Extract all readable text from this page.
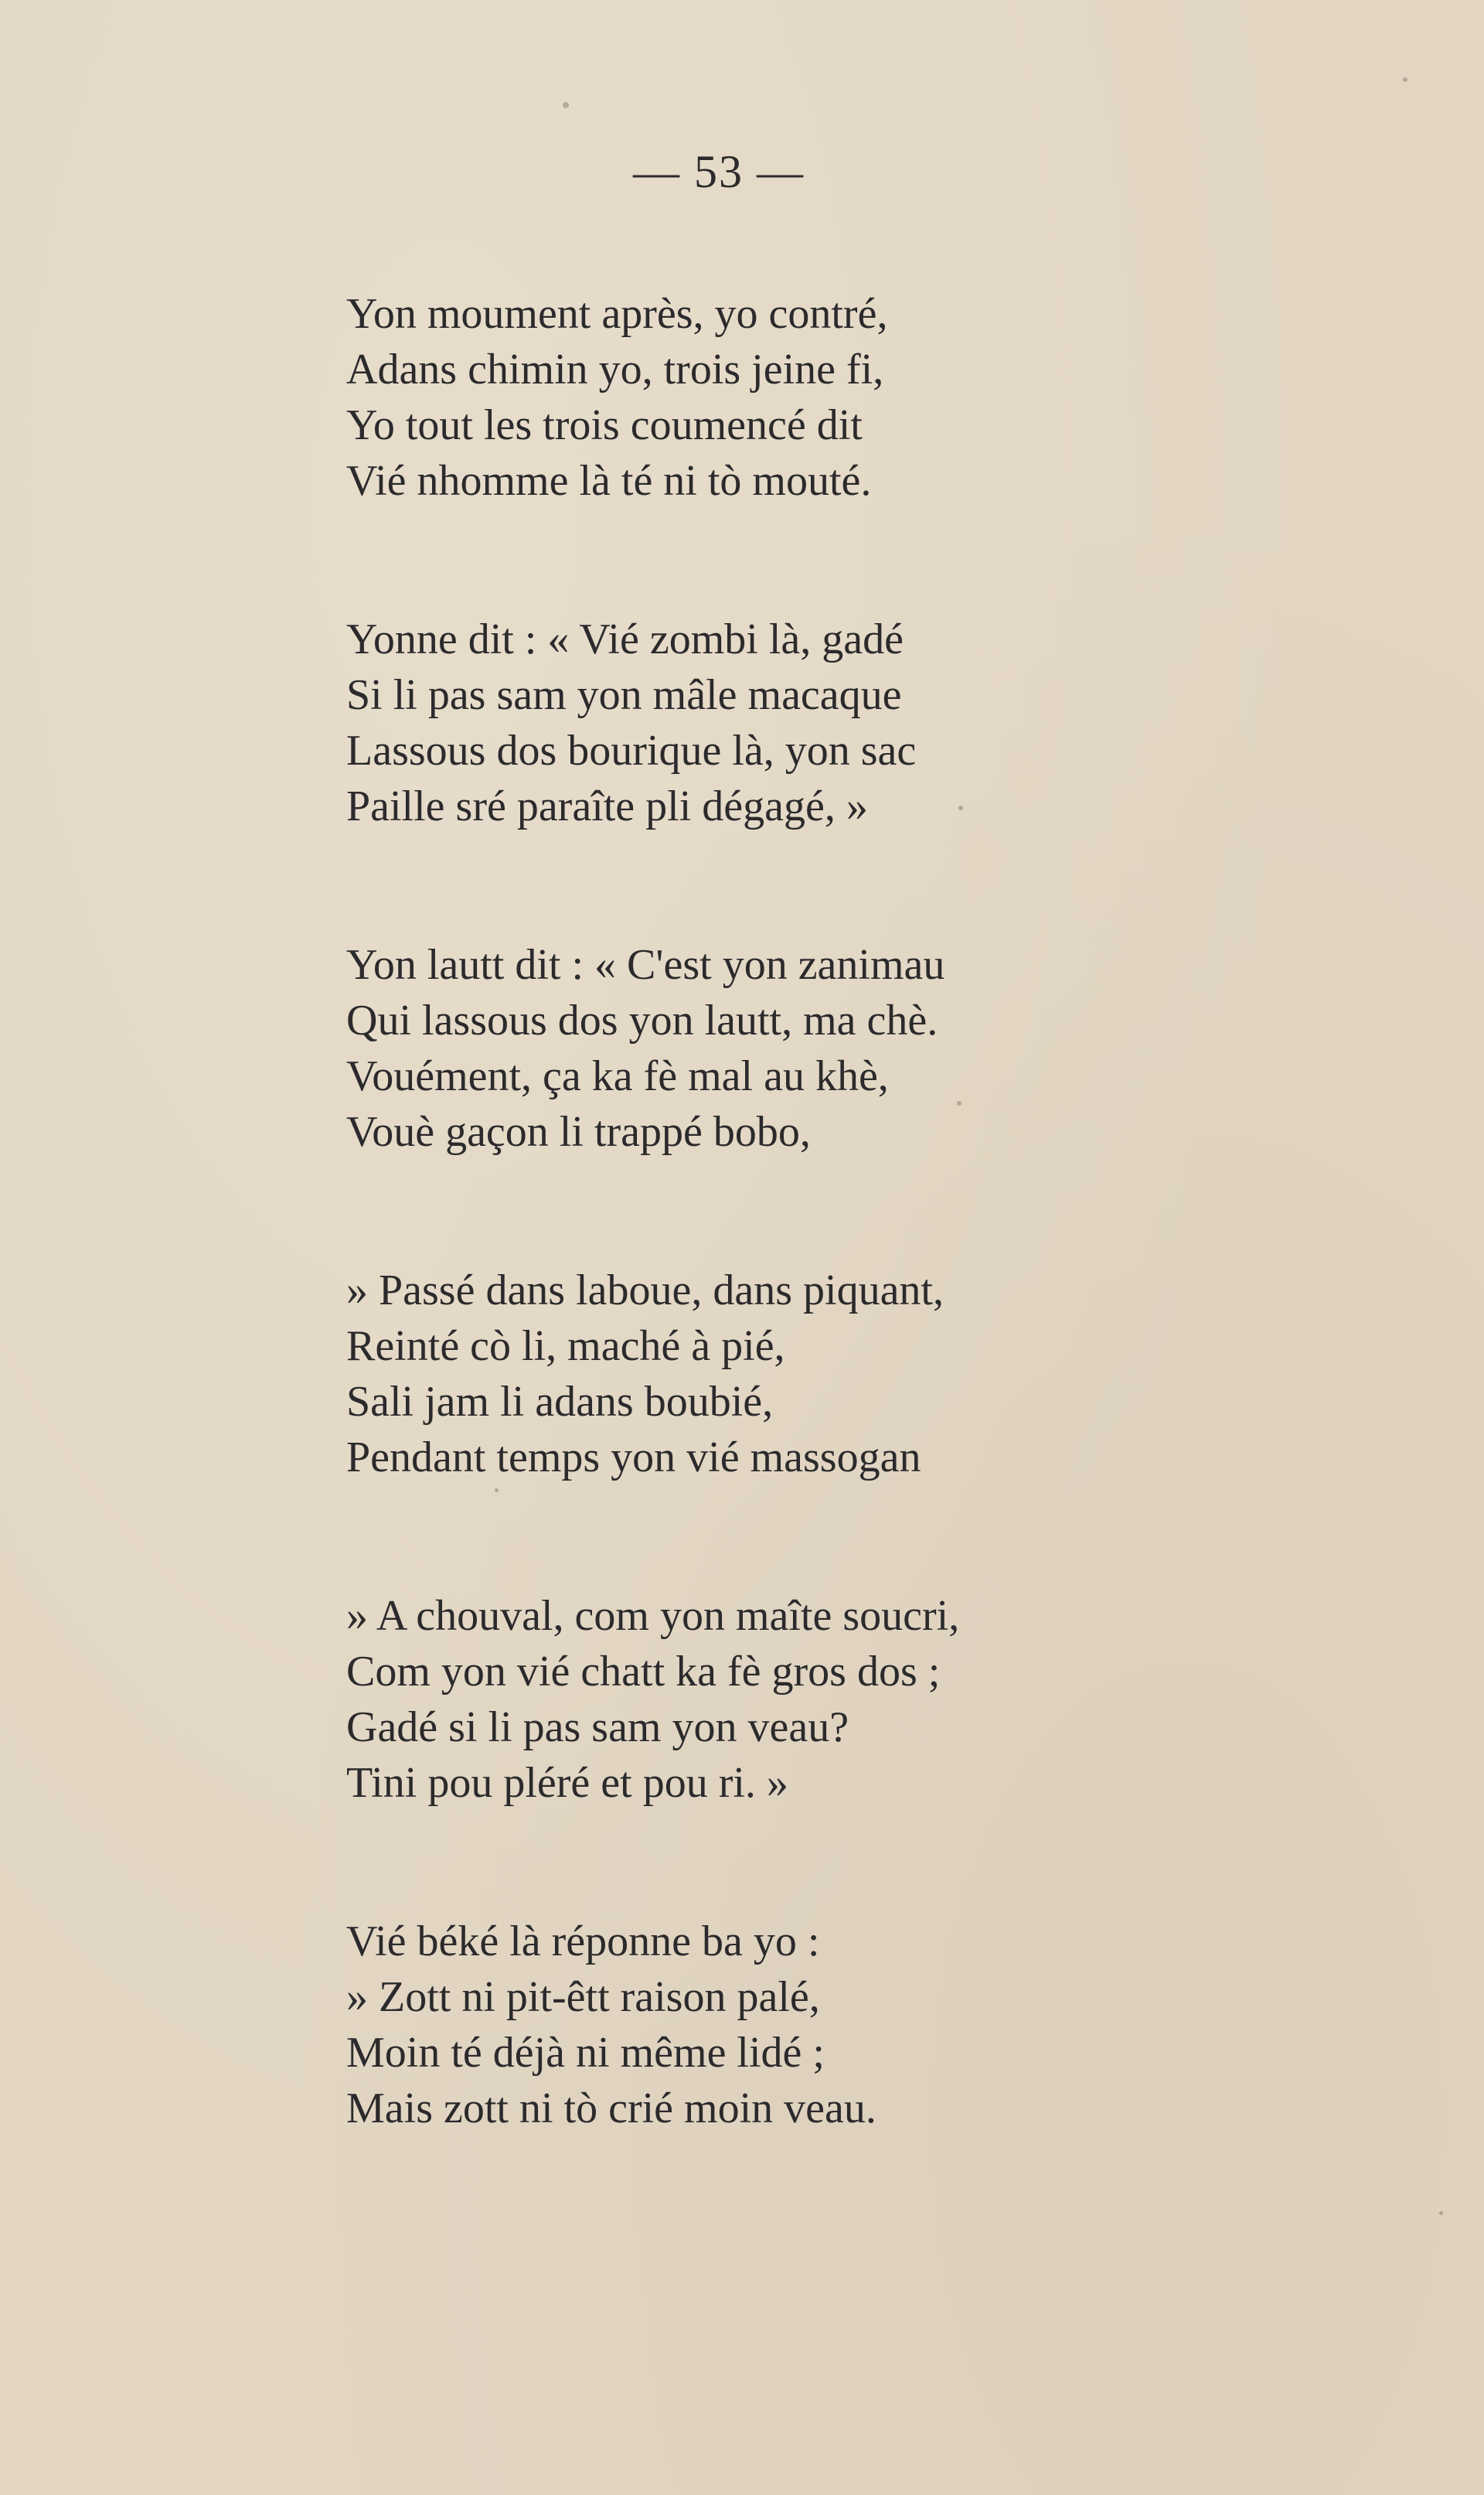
— 53 —
Yon moument après, yo contré,
Adans chimin yo, trois jeine fi,
Yo tout les trois coumencé dit
Vié nhomme là té ni tò mouté.
Yonne dit : « Vié zombi là, gadé
Si li pas sam yon mâle macaque
Lassous dos bourique là, yon sac
Paille sré paraîte pli dégagé, »
Yon lautt dit : « C'est yon zanimau
Qui lassous dos yon lautt, ma chè.
Vouément, ça ka fè mal au khè,
Vouè gaçon li trappé bobo,
» Passé dans laboue, dans piquant,
Reinté cò li, maché à pié,
Sali jam li adans boubié,
Pendant temps yon vié massogan
» A chouval, com yon maîte soucri,
Com yon vié chatt ka fè gros dos ;
Gadé si li pas sam yon veau?
Tini pou pléré et pou ri. »
Vié béké là réponne ba yo :
» Zott ni pit-êtt raison palé,
Moin té déjà ni même lidé ;
Mais zott ni tò crié moin veau.
